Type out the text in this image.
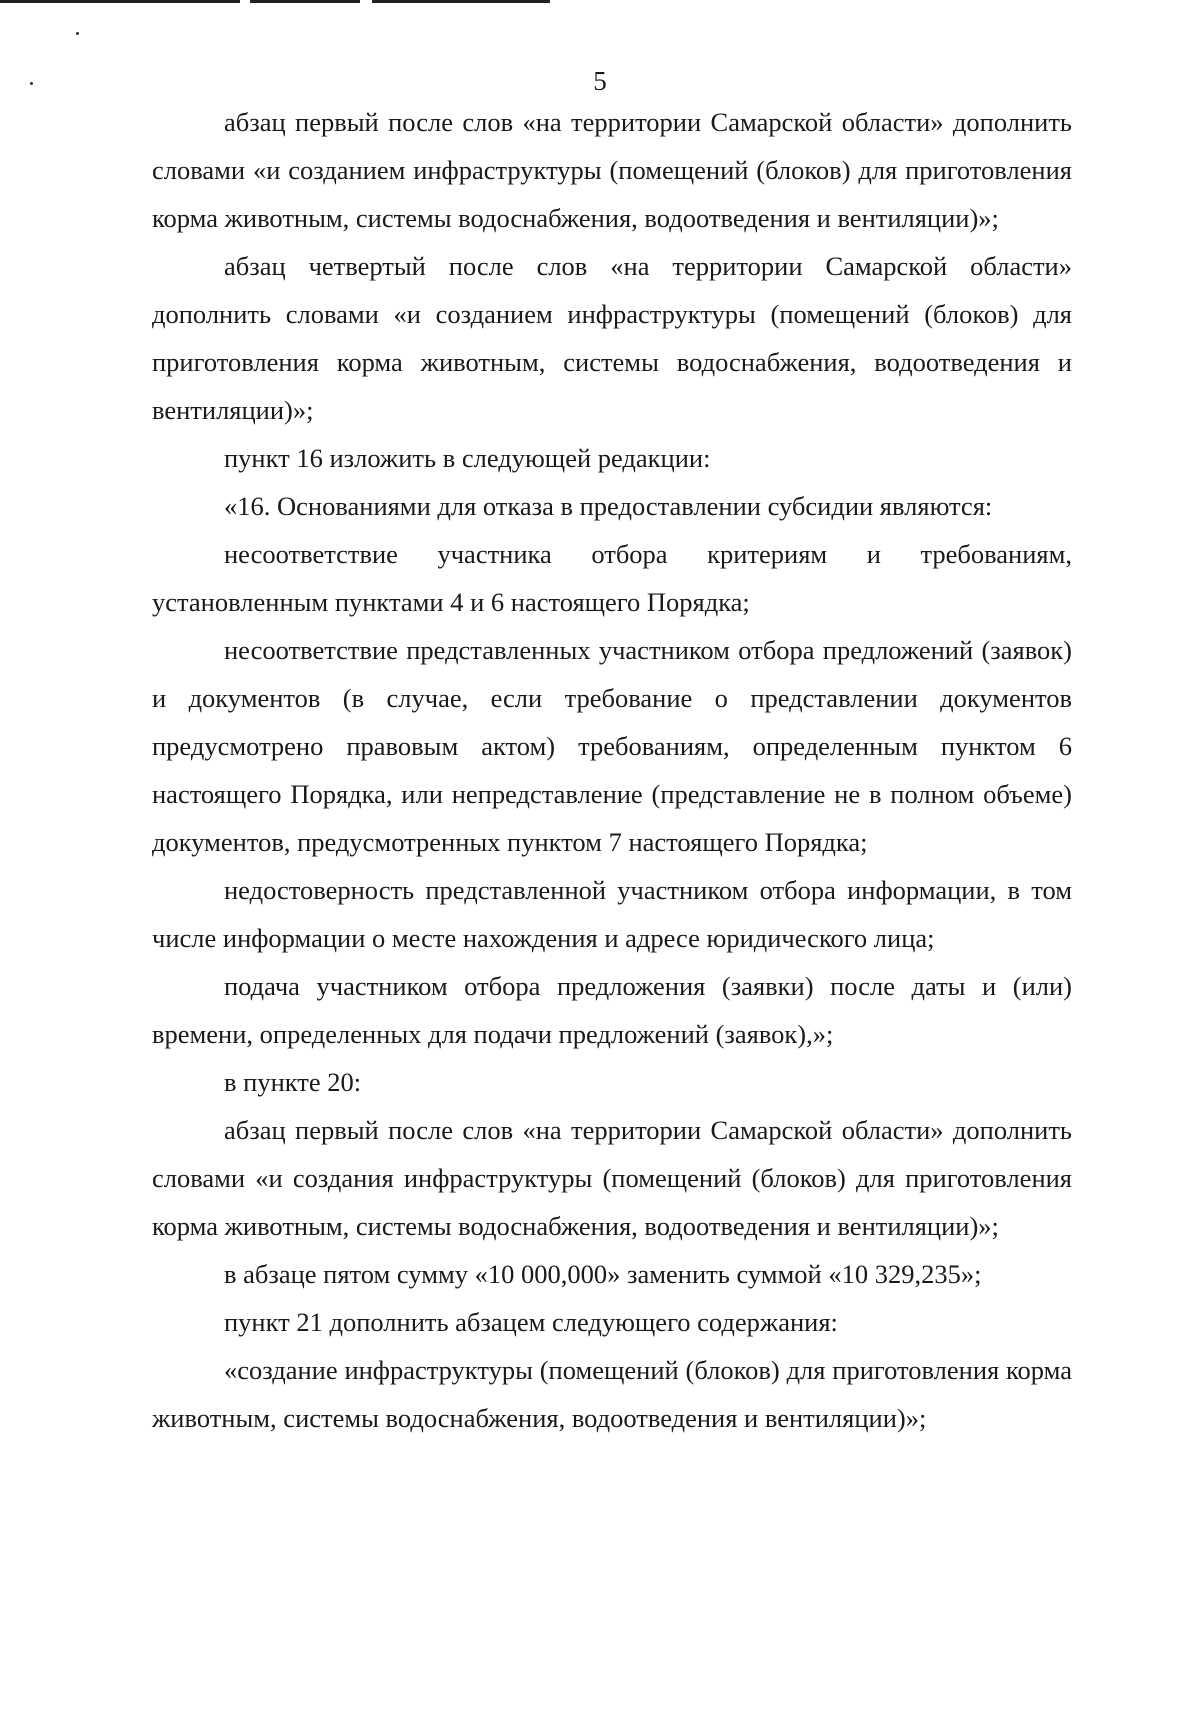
5

абзац первый после слов «на территории Самарской области» дополнить словами «и созданием инфраструктуры (помещений (блоков) для приготовления корма животным, системы водоснабжения, водоотведения и вентиляции)»;

абзац четвертый после слов «на территории Самарской области» дополнить словами «и созданием инфраструктуры (помещений (блоков) для приготовления корма животным, системы водоснабжения, водоотведения и вентиляции)»;

пункт 16 изложить в следующей редакции:

«16. Основаниями для отказа в предоставлении субсидии являются:

несоответствие участника отбора критериям и требованиям, установленным пунктами 4 и 6 настоящего Порядка;

несоответствие представленных участником отбора предложений (заявок) и документов (в случае, если требование о представлении документов предусмотрено правовым актом) требованиям, определенным пунктом 6 настоящего Порядка, или непредставление (представление не в полном объеме) документов, предусмотренных пунктом 7 настоящего Порядка;

недостоверность представленной участником отбора информации, в том числе информации о месте нахождения и адресе юридического лица;

подача участником отбора предложения (заявки) после даты и (или) времени, определенных для подачи предложений (заявок),»;

в пункте 20:

абзац первый после слов «на территории Самарской области» дополнить словами «и создания инфраструктуры (помещений (блоков) для приготовления корма животным, системы водоснабжения, водоотведения и вентиляции)»;

в абзаце пятом сумму «10 000,000» заменить суммой «10 329,235»;

пункт 21 дополнить абзацем следующего содержания:

«создание инфраструктуры (помещений (блоков) для приготовления корма животным, системы водоснабжения, водоотведения и вентиляции)»;
